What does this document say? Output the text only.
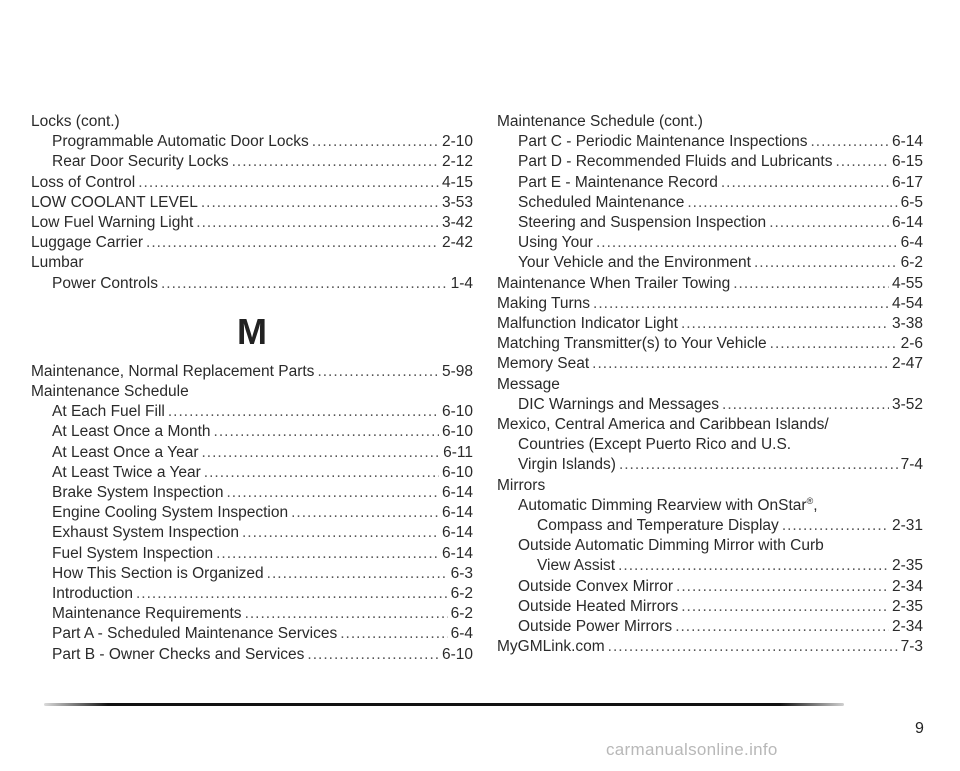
Locks (cont.)
Programmable Automatic Door Locks .....	2-10
Rear Door Security Locks .....	2-12
Loss of Control .....	4-15
LOW COOLANT LEVEL .....	3-53
Low Fuel Warning Light .....	3-42
Luggage Carrier .....	2-42
Lumbar
Power Controls .....	1-4
M
Maintenance, Normal Replacement Parts .....	5-98
Maintenance Schedule
At Each Fuel Fill .....	6-10
At Least Once a Month .....	6-10
At Least Once a Year .....	6-11
At Least Twice a Year .....	6-10
Brake System Inspection .....	6-14
Engine Cooling System Inspection .....	6-14
Exhaust System Inspection .....	6-14
Fuel System Inspection .....	6-14
How This Section is Organized .....	6-3
Introduction .....	6-2
Maintenance Requirements .....	6-2
Part A - Scheduled Maintenance Services .....	6-4
Part B - Owner Checks and Services .....	6-10
Maintenance Schedule (cont.)
Part C - Periodic Maintenance Inspections .....	6-14
Part D - Recommended Fluids and Lubricants .....	6-15
Part E - Maintenance Record .....	6-17
Scheduled Maintenance .....	6-5
Steering and Suspension Inspection .....	6-14
Using Your .....	6-4
Your Vehicle and the Environment .....	6-2
Maintenance When Trailer Towing .....	4-55
Making Turns .....	4-54
Malfunction Indicator Light .....	3-38
Matching Transmitter(s) to Your Vehicle .....	2-6
Memory Seat .....	2-47
Message
DIC Warnings and Messages .....	3-52
Mexico, Central America and Caribbean Islands/
Countries (Except Puerto Rico and U.S.
Virgin Islands) .....	7-4
Mirrors
Automatic Dimming Rearview with OnStar®,
Compass and Temperature Display .....	2-31
Outside Automatic Dimming Mirror with Curb
View Assist .....	2-35
Outside Convex Mirror .....	2-34
Outside Heated Mirrors .....	2-35
Outside Power Mirrors .....	2-34
MyGMLink.com .....	7-3
9
carmanualsonline.info
